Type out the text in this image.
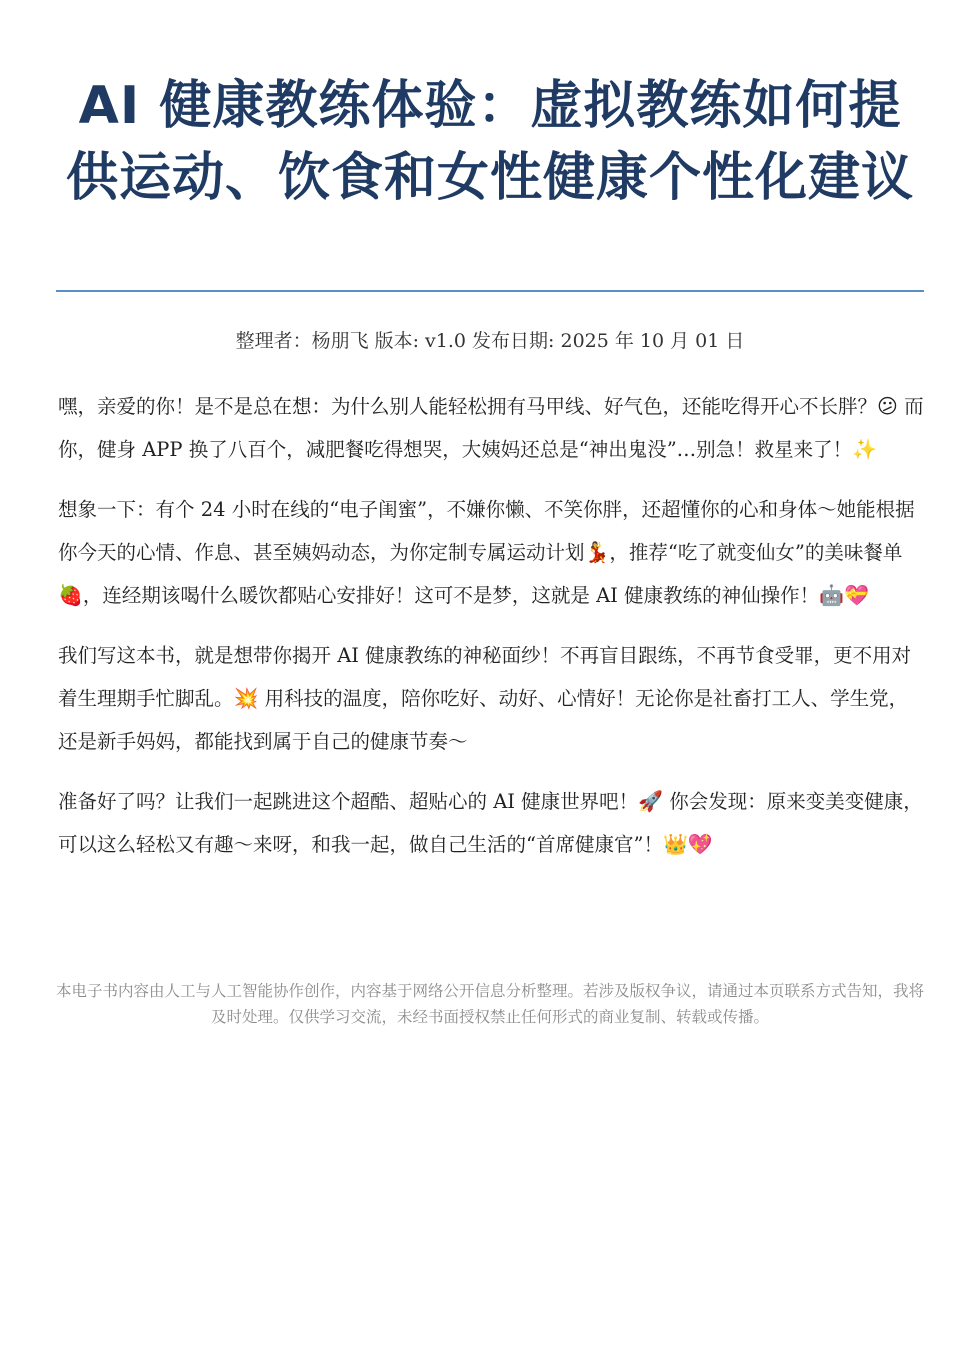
AI 健康教练体验：虚拟教练如何提供运动、饮食和女性健康个性化建议
整理者：杨朋飞 版本: v1.0 发布日期: 2025 年 10 月 01 日

嘿，亲爱的你！是不是总在想：为什么别人能轻松拥有马甲线、好气色，还能吃得开心不长胖？😕 而你，健身 APP 换了八百个，减肥餐吃得想哭，大姨妈还总是“神出鬼没”…别急！救星来了！✨

想象一下：有个 24 小时在线的“电子闺蜜”，不嫌你懒、不笑你胖，还超懂你的心和身体～她能根据你今天的心情、作息、甚至姨妈动态，为你定制专属运动计划💃，推荐“吃了就变仙女”的美味餐单🍓，连经期该喝什么暖饮都贴心安排好！这可不是梦，这就是 AI 健康教练的神仙操作！🤖💝

我们写这本书，就是想带你揭开 AI 健康教练的神秘面纱！不再盲目跟练，不再节食受罪，更不用对着生理期手忙脚乱。💥 用科技的温度，陪你吃好、动好、心情好！无论你是社畜打工人、学生党，还是新手妈妈，都能找到属于自己的健康节奏～

准备好了吗？让我们一起跳进这个超酷、超贴心的 AI 健康世界吧！🚀 你会发现：原来变美变健康，可以这么轻松又有趣～来呀，和我一起，做自己生活的“首席健康官”！👑💖

本电子书内容由人工与人工智能协作创作，内容基于网络公开信息分析整理。若涉及版权争议，请通过本页联系方式告知，我将及时处理。仅供学习交流，未经书面授权禁止任何形式的商业复制、转载或传播。
